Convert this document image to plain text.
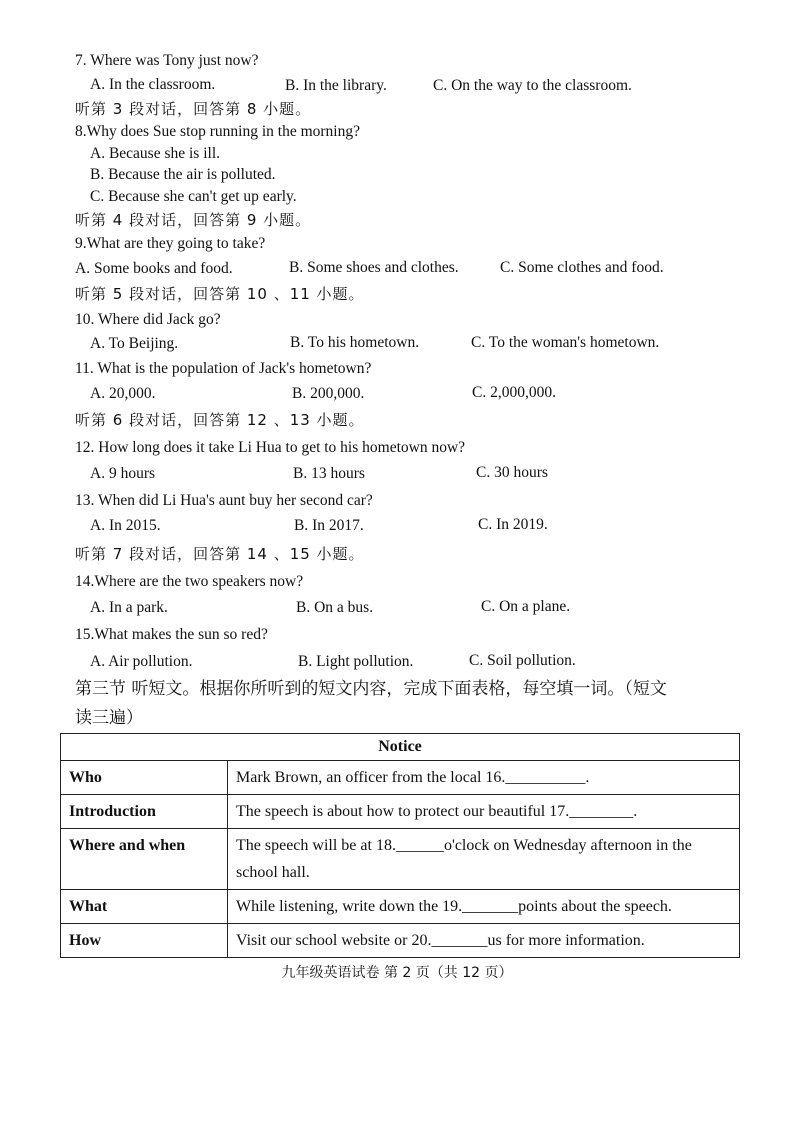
7. Where was Tony just now?
A. In the classroom.	B. In the library.	C. On the way to the classroom.
听第 3 段对话，回答第 8 小题。
8.Why does Sue stop running in the morning?
A. Because she is ill.
B. Because the air is polluted.
C. Because she can't get up early.
听第 4 段对话，回答第 9 小题。
9.What are they going to take?
A. Some books and food.	B. Some shoes and clothes.	C. Some clothes and food.
听第 5 段对话，回答第 10 、11 小题。
10. Where did Jack go?
A. To Beijing.	B. To his hometown.	C. To the woman's hometown.
11. What is the population of Jack's hometown?
A. 20,000.	B. 200,000.	C. 2,000,000.
听第 6 段对话，回答第 12 、13 小题。
12. How long does it take Li Hua to get to his hometown now?
A. 9 hours	B. 13 hours	C. 30 hours
13. When did Li Hua's aunt buy her second car?
A. In 2015.	B. In 2017.	C. In 2019.
听第 7 段对话，回答第 14 、15 小题。
14.Where are the two speakers now?
A. In a park.	B. On a bus.	C. On a plane.
15.What makes the sun so red?
A. Air pollution.	B. Light pollution.	C. Soil pollution.
第三节 听短文。根据你所听到的短文内容，完成下面表格，每空填一词。（短文
读三遍）
Notice	
Who	Mark Brown, an officer from the local 16.__________.
Introduction	The speech is about how to protect our beautiful 17.________.
Where and when	The speech will be at 18.______o'clock on Wednesday afternoon in the school hall.
What	While listening, write down the 19._______points about the speech.
How	Visit our school website or 20._______us for more information.
九年级英语试卷 第 2 页（共 12 页）
